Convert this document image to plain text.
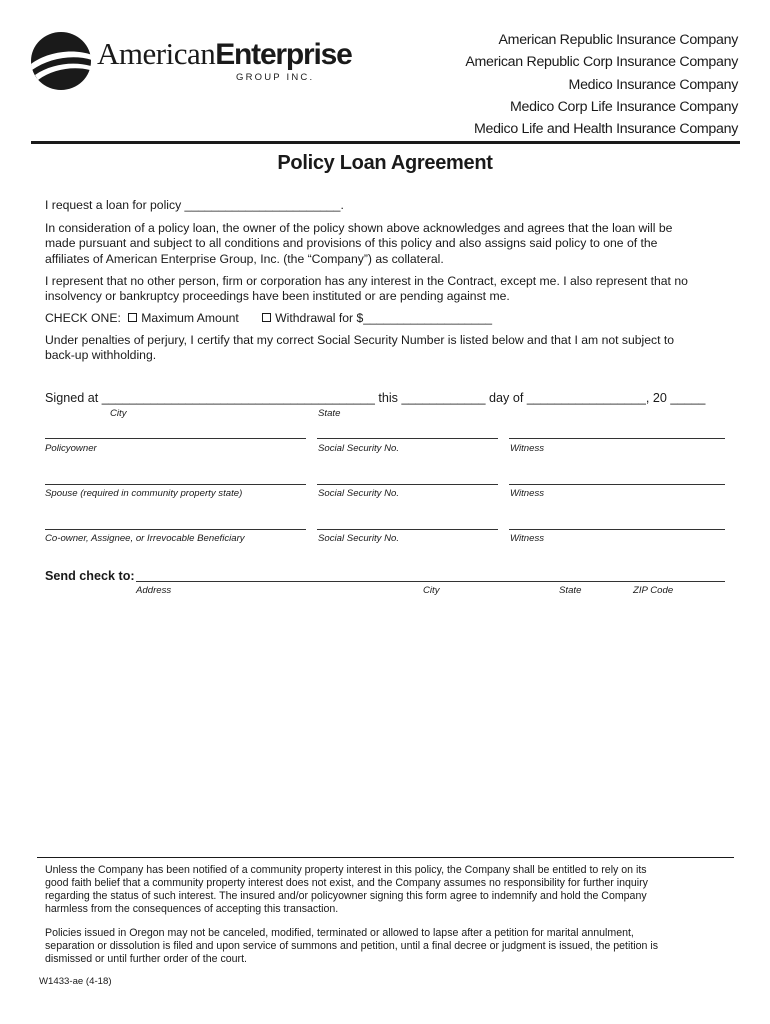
AmericanEnterprise
GROUP INC.
American Republic Insurance Company
American Republic Corp Insurance Company
Medico Insurance Company
Medico Corp Life Insurance Company
Medico Life and Health Insurance Company
Policy Loan Agreement
I request a loan for policy _______________________.
In consideration of a policy loan, the owner of the policy shown above acknowledges and agrees that the loan will be
made pursuant and subject to all conditions and provisions of this policy and also assigns said policy to one of the
affiliates of American Enterprise Group, Inc. (the “Company”) as collateral.
I represent that no other person, firm or corporation has any interest in the Contract, except me. I also represent that no
insolvency or bankruptcy proceedings have been instituted or are pending against me.
CHECK ONE: Maximum Amount	Withdrawal for $___________________
Under penalties of perjury, I certify that my correct Social Security Number is listed below and that I am not subject to
back-up withholding.
Signed at _______________________________________ this ____________ day of _________________, 20 _____
City	State
Policyowner	Social Security No.	Witness
Spouse (required in community property state)	Social Security No.	Witness
Co-owner, Assignee, or Irrevocable Beneficiary	Social Security No.	Witness
Send check to:
Address	City	State	ZIP Code
Unless the Company has been notified of a community property interest in this policy, the Company shall be entitled to rely on its
good faith belief that a community property interest does not exist, and the Company assumes no responsibility for further inquiry
regarding the status of such interest. The insured and/or policyowner signing this form agree to indemnify and hold the Company
harmless from the consequences of accepting this transaction.
Policies issued in Oregon may not be canceled, modified, terminated or allowed to lapse after a petition for marital annulment,
separation or dissolution is filed and upon service of summons and petition, until a final decree or judgment is issued, the petition is
dismissed or until further order of the court.
W1433-ae (4-18)
